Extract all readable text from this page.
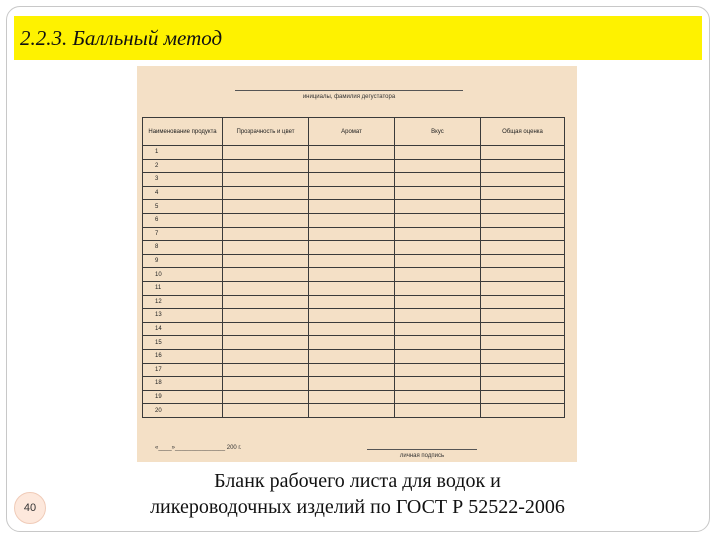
2.2.3. Балльный метод
инициалы, фамилия дегустатора
Наименование продукта	Прозрачность и цвет	Аромат	Вкус	Общая оценка
1				
2				
3				
4				
5				
6				
7				
8				
9				
10				
11				
12				
13				
14				
15				
16				
17				
18				
19				
20				
«____»_______________ 200 г.
личная подпись
Бланк рабочего листа для водок и
ликероводочных изделий по ГОСТ Р 52522-2006
40
